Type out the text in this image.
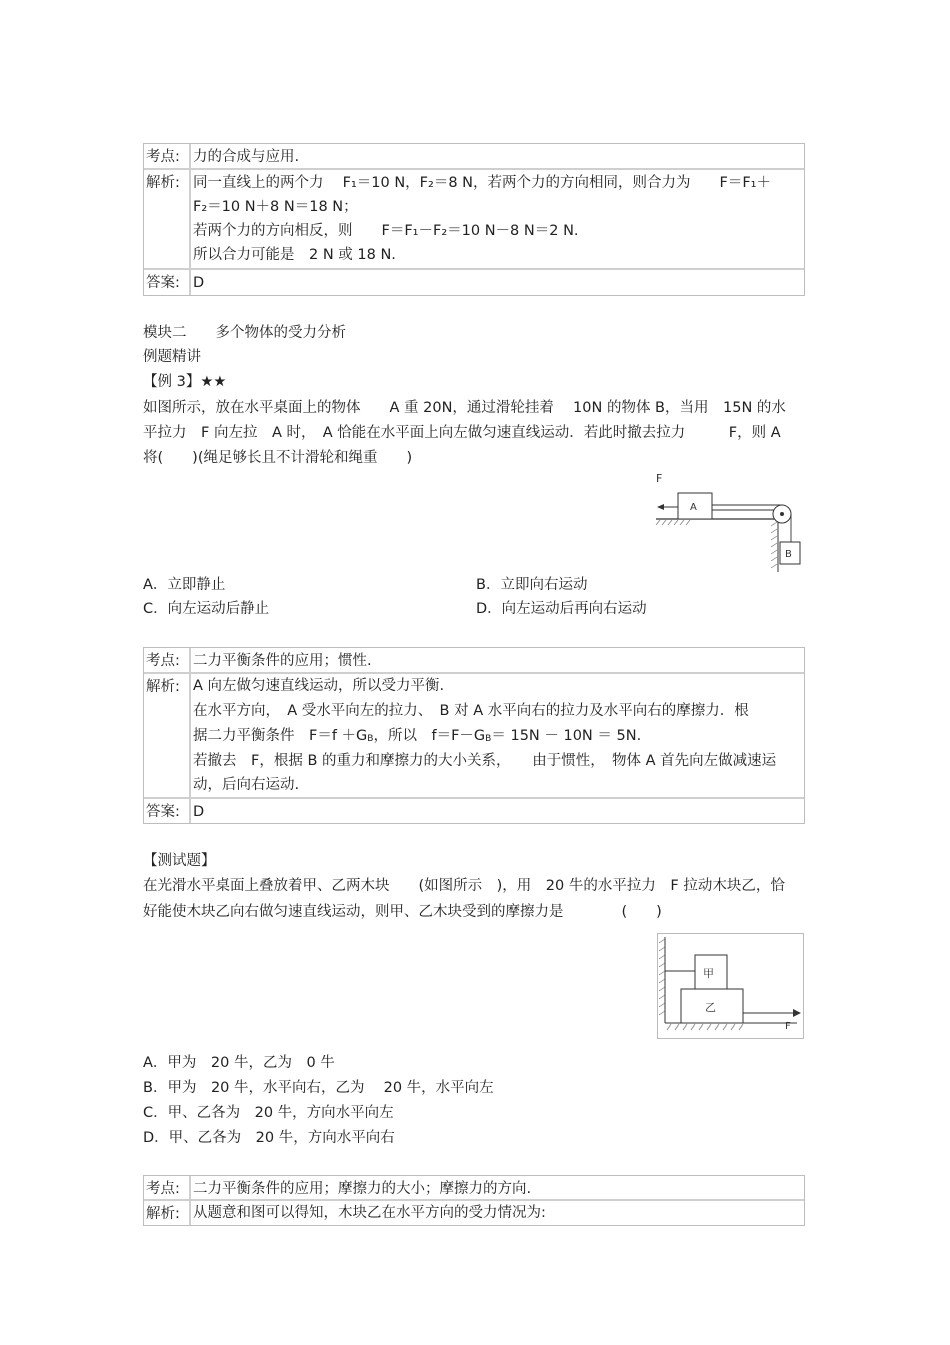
考点: 力的合成与应用.
解析: 同一直线上的两个力　 F₁＝10 N，F₂＝8 N，若两个力的方向相同，则合力为　　F＝F₁＋
F₂＝10 N＋8 N＝18 N；
若两个力的方向相反，则　　F＝F₁－F₂＝10 N－8 N＝2 N.
所以合力可能是　2 N 或 18 N.
答案: D
模块二　　多个物体的受力分析
例题精讲
【例 3】★★
如图所示，放在水平桌面上的物体　　A 重 20N，通过滑轮挂着　 10N 的物体 B，当用　15N 的水
平拉力　F 向左拉　A 时，　A 恰能在水平面上向左做匀速直线运动．若此时撤去拉力　　　F，则 A
将(　　)(绳足够长且不计滑轮和绳重　　)
F
A
B
A．立即静止	B．立即向右运动
C．向左运动后静止	D．向左运动后再向右运动
考点: 二力平衡条件的应用；惯性.
解析: A 向左做匀速直线运动，所以受力平衡.
在水平方向，　A 受水平向左的拉力、　B 对 A 水平向右的拉力及水平向右的摩擦力．根
据二力平衡条件　$F=f +G_B$，所以　$f=F-G_B= 15N - 10N = 5N$.
若撤去　F，根据 B 的重力和摩擦力的大小关系，　　由于惯性，　物体 A 首先向左做减速运
动，后向右运动.
答案: D
【测试题】
在光滑水平桌面上叠放着甲、乙两木块　　(如图所示　)，用　20 牛的水平拉力　F 拉动木块乙，恰
好能使木块乙向右做匀速直线运动，则甲、乙木块受到的摩擦力是　　　　(　　)
甲
乙
F
A．甲为　20 牛，乙为　0 牛
B．甲为　20 牛，水平向右，乙为　 20 牛，水平向左
C．甲、乙各为　20 牛，方向水平向左
D．甲、乙各为　20 牛，方向水平向右
考点: 二力平衡条件的应用；摩擦力的大小；摩擦力的方向.
解析: 从题意和图可以得知，木块乙在水平方向的受力情况为:
